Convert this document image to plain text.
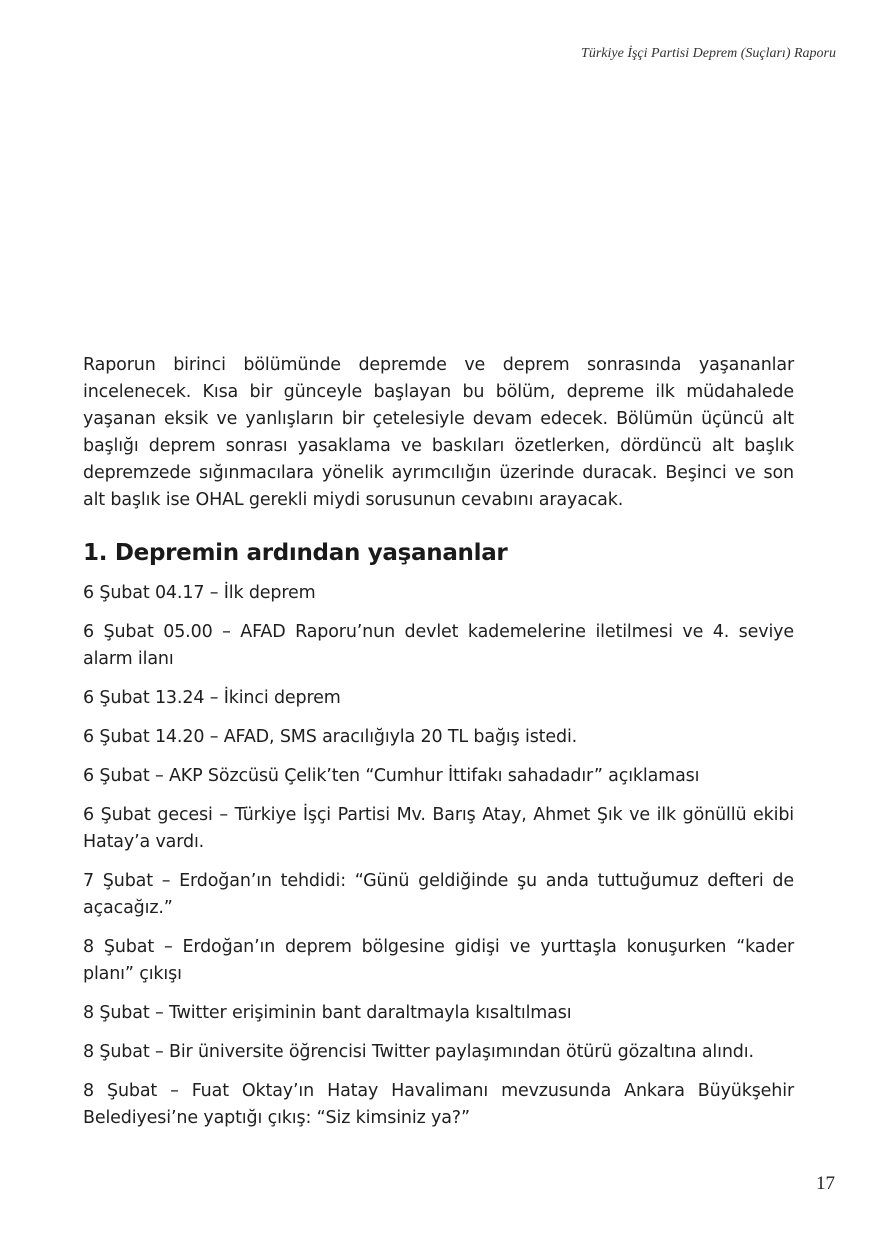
Türkiye İşçi Partisi Deprem (Suçları) Raporu

Raporun birinci bölümünde depremde ve deprem sonrasında yaşananlar incelenecek. Kısa bir günceyle başlayan bu bölüm, depreme ilk müdahalede yaşanan eksik ve yanlışların bir çetelesiyle devam edecek. Bölümün üçüncü alt başlığı deprem sonrası yasaklama ve baskıları özetlerken, dördüncü alt başlık depremzede sığınmacılara yönelik ayrımcılığın üzerinde duracak. Beşinci ve son alt başlık ise OHAL gerekli miydi sorusunun cevabını arayacak.

1. Depremin ardından yaşananlar
6 Şubat 04.17 – İlk deprem
6 Şubat 05.00 – AFAD Raporu’nun devlet kademelerine iletilmesi ve 4. seviye alarm ilanı
6 Şubat 13.24 – İkinci deprem
6 Şubat 14.20 – AFAD, SMS aracılığıyla 20 TL bağış istedi.
6 Şubat – AKP Sözcüsü Çelik’ten “Cumhur İttifakı sahadadır” açıklaması
6 Şubat gecesi – Türkiye İşçi Partisi Mv. Barış Atay, Ahmet Şık ve ilk gönüllü ekibi Hatay’a vardı.
7 Şubat – Erdoğan’ın tehdidi: “Günü geldiğinde şu anda tuttuğumuz defteri de açacağız.”
8 Şubat – Erdoğan’ın deprem bölgesine gidişi ve yurttaşla konuşurken “kader planı” çıkışı
8 Şubat – Twitter erişiminin bant daraltmayla kısaltılması
8 Şubat – Bir üniversite öğrencisi Twitter paylaşımından ötürü gözaltına alındı.
8 Şubat – Fuat Oktay’ın Hatay Havalimanı mevzusunda Ankara Büyükşehir Belediyesi’ne yaptığı çıkış: “Siz kimsiniz ya?”
17
